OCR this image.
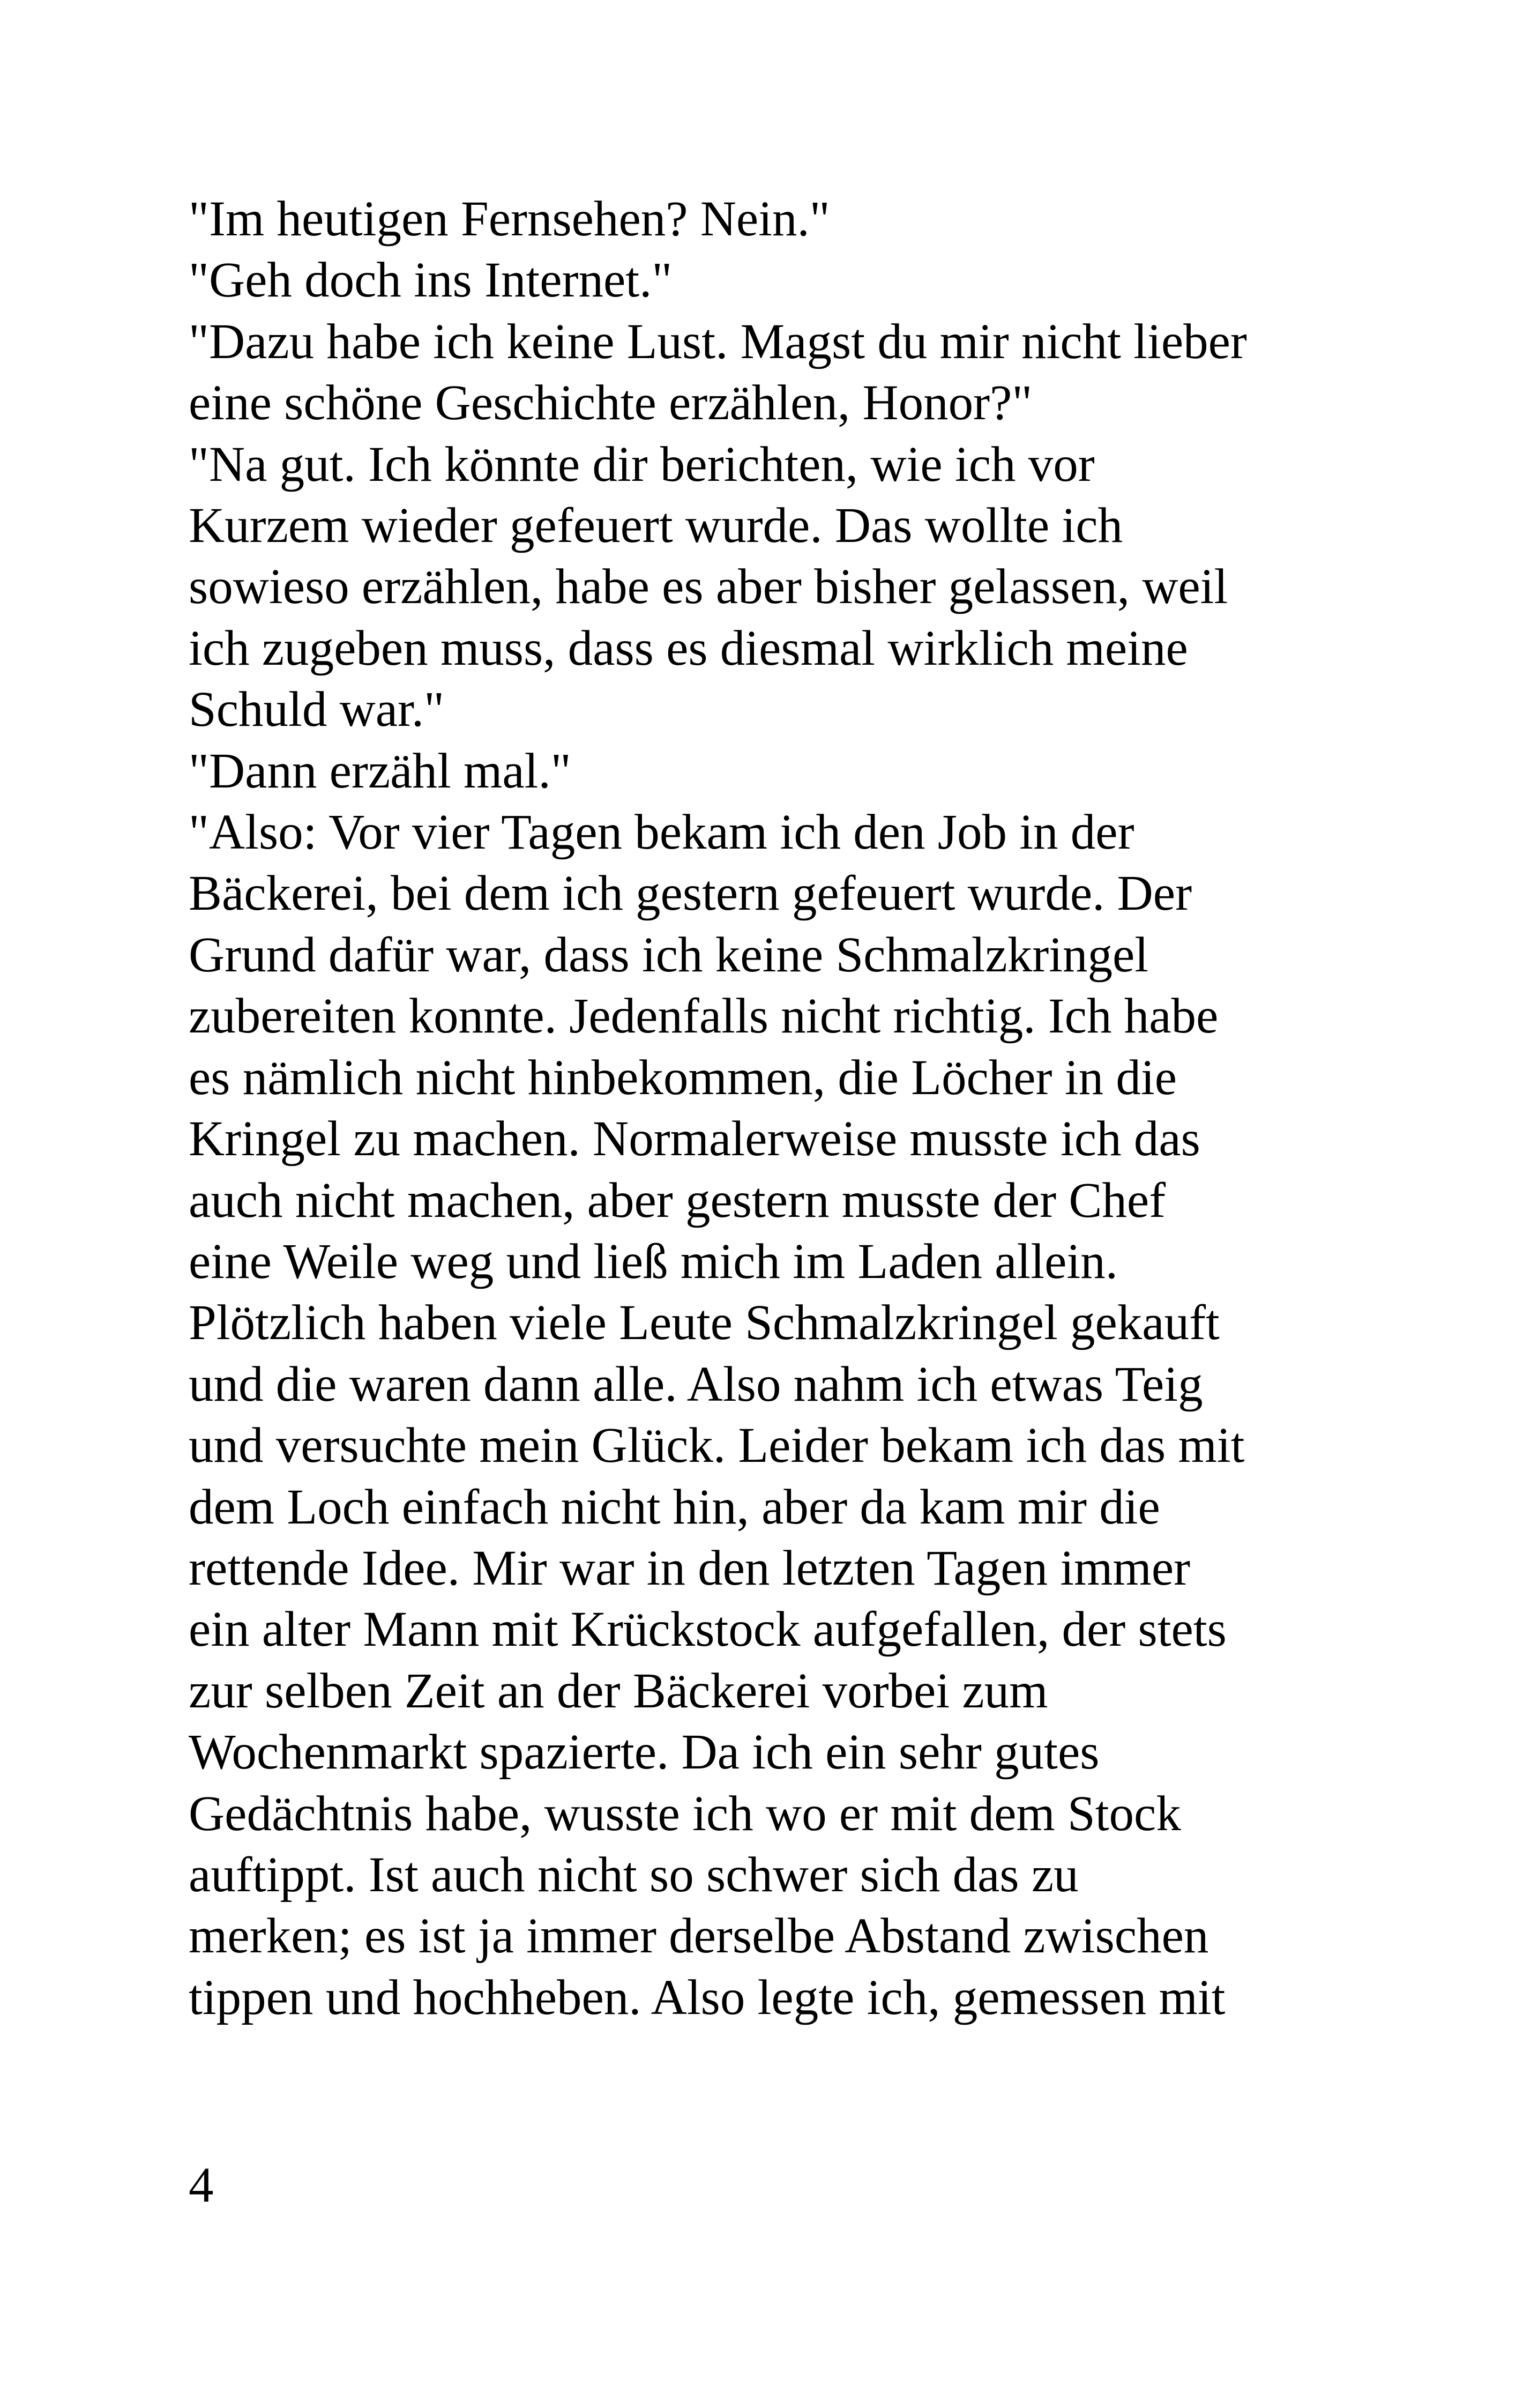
"Im heutigen Fernsehen? Nein."
"Geh doch ins Internet."
"Dazu habe ich keine Lust. Magst du mir nicht lieber
eine schöne Geschichte erzählen, Honor?"
"Na gut. Ich könnte dir berichten, wie ich vor
Kurzem wieder gefeuert wurde. Das wollte ich
sowieso erzählen, habe es aber bisher gelassen, weil
ich zugeben muss, dass es diesmal wirklich meine
Schuld war."
"Dann erzähl mal."
"Also: Vor vier Tagen bekam ich den Job in der
Bäckerei, bei dem ich gestern gefeuert wurde. Der
Grund dafür war, dass ich keine Schmalzkringel
zubereiten konnte. Jedenfalls nicht richtig. Ich habe
es nämlich nicht hinbekommen, die Löcher in die
Kringel zu machen. Normalerweise musste ich das
auch nicht machen, aber gestern musste der Chef
eine Weile weg und ließ mich im Laden allein.
Plötzlich haben viele Leute Schmalzkringel gekauft
und die waren dann alle. Also nahm ich etwas Teig
und versuchte mein Glück. Leider bekam ich das mit
dem Loch einfach nicht hin, aber da kam mir die
rettende Idee. Mir war in den letzten Tagen immer
ein alter Mann mit Krückstock aufgefallen, der stets
zur selben Zeit an der Bäckerei vorbei zum
Wochenmarkt spazierte. Da ich ein sehr gutes
Gedächtnis habe, wusste ich wo er mit dem Stock
auftippt. Ist auch nicht so schwer sich das zu
merken; es ist ja immer derselbe Abstand zwischen
tippen und hochheben. Also legte ich, gemessen mit
4
